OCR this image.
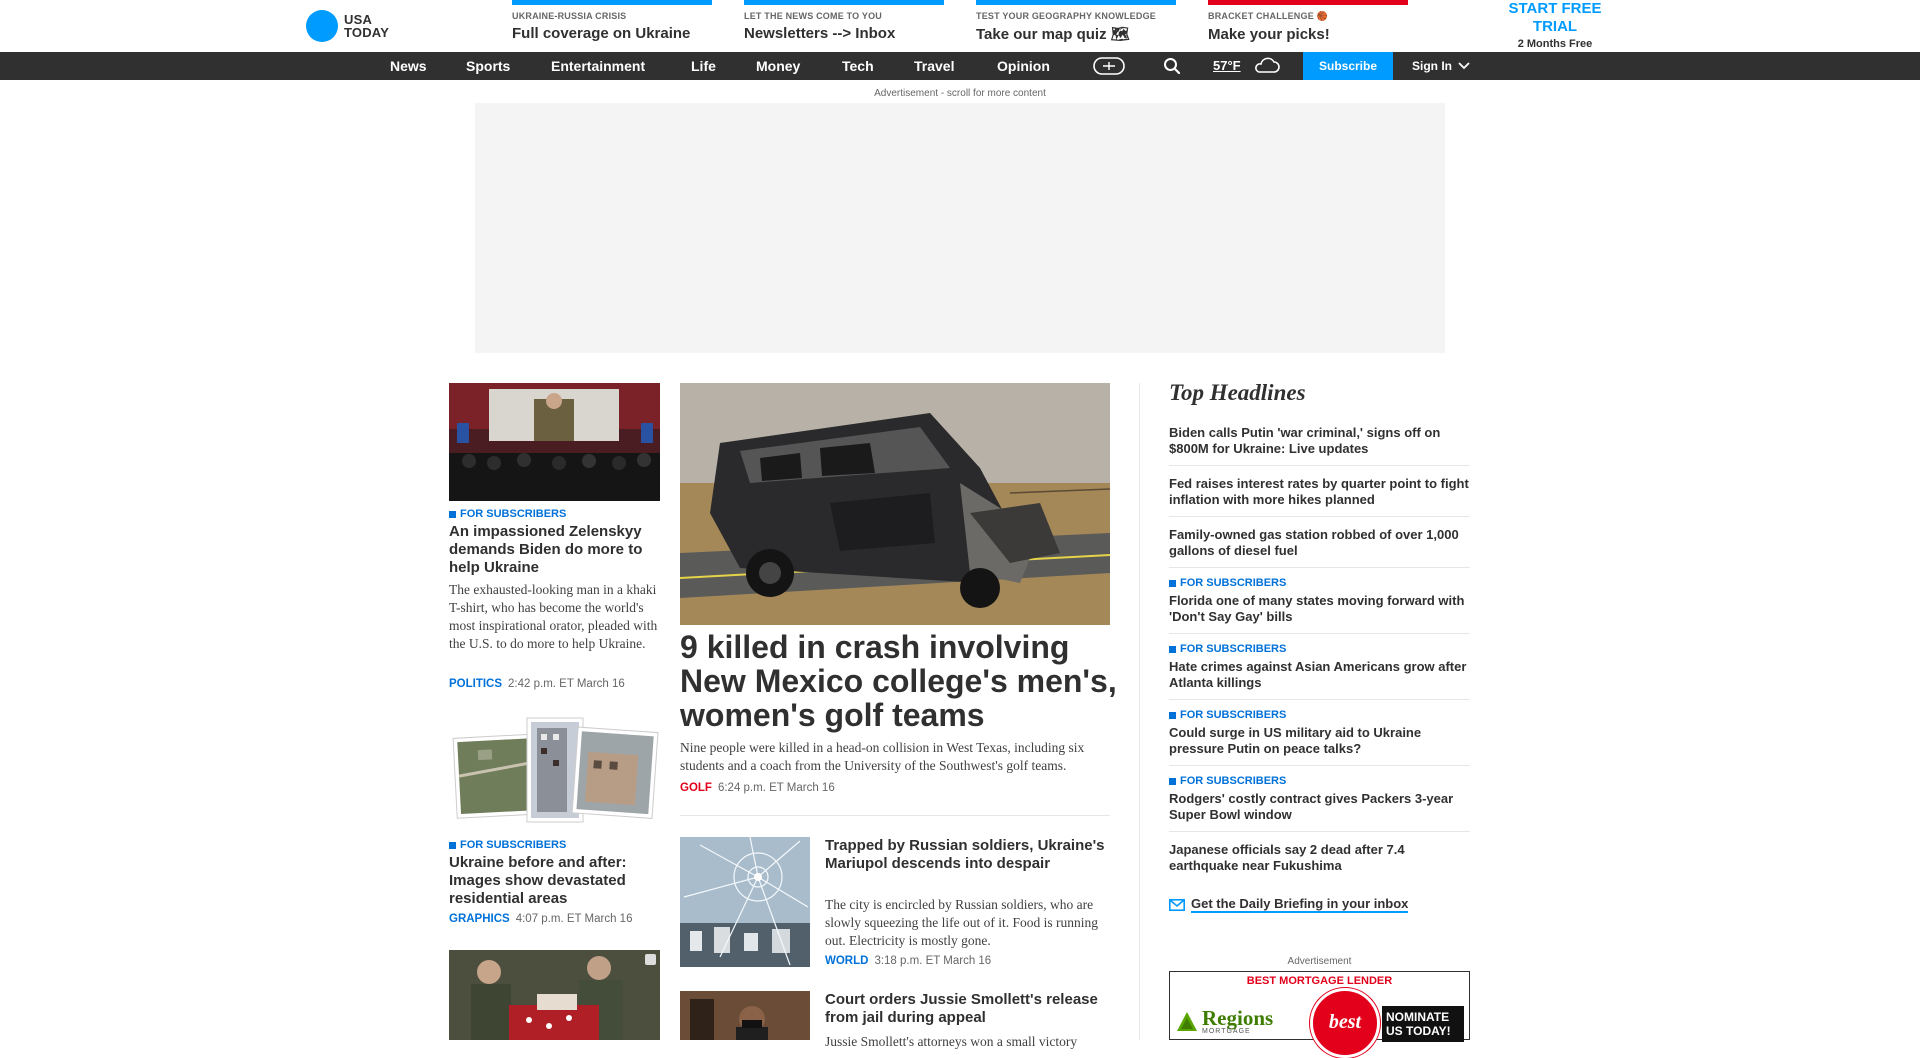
USA
TODAY
UKRAINE-RUSSIA CRISIS
Full coverage on Ukraine
LET THE NEWS COME TO YOU
Newsletters --> Inbox
TEST YOUR GEOGRAPHY KNOWLEDGE
Take our map quiz 🗺
BRACKET CHALLENGE 🏀
Make your picks!
START FREE TRIAL
2 Months Free
News	Sports	Entertainment	Life	Money	Tech	Travel	Opinion	57°F	Subscribe	Sign In
Advertisement - scroll for more content
FOR SUBSCRIBERS
An impassioned Zelenskyy demands Biden do more to help Ukraine
The exhausted-looking man in a khaki T-shirt, who has become the world's most inspirational orator, pleaded with the U.S. to do more to help Ukraine.
POLITICS 2:42 p.m. ET March 16
FOR SUBSCRIBERS
Ukraine before and after: Images show devastated residential areas
GRAPHICS 4:07 p.m. ET March 16
9 killed in crash involving New Mexico college's men's, women's golf teams
Nine people were killed in a head-on collision in West Texas, including six students and a coach from the University of the Southwest's golf teams.
GOLF 6:24 p.m. ET March 16
Trapped by Russian soldiers, Ukraine's Mariupol descends into despair
The city is encircled by Russian soldiers, who are slowly squeezing the life out of it. Food is running out. Electricity is mostly gone.
WORLD 3:18 p.m. ET March 16
Court orders Jussie Smollett's release from jail during appeal
Jussie Smollett's attorneys won a small victory
Top Headlines
Biden calls Putin 'war criminal,' signs off on $800M for Ukraine: Live updates
Fed raises interest rates by quarter point to fight inflation with more hikes planned
Family-owned gas station robbed of over 1,000 gallons of diesel fuel
FOR SUBSCRIBERS
Florida one of many states moving forward with 'Don't Say Gay' bills
FOR SUBSCRIBERS
Hate crimes against Asian Americans grow after Atlanta killings
FOR SUBSCRIBERS
Could surge in US military aid to Ukraine pressure Putin on peace talks?
FOR SUBSCRIBERS
Rodgers' costly contract gives Packers 3-year Super Bowl window
Japanese officials say 2 dead after 7.4 earthquake near Fukushima
Get the Daily Briefing in your inbox
Advertisement
BEST MORTGAGE LENDER
Regions
MORTGAGE	best	NOMINATE US TODAY!
